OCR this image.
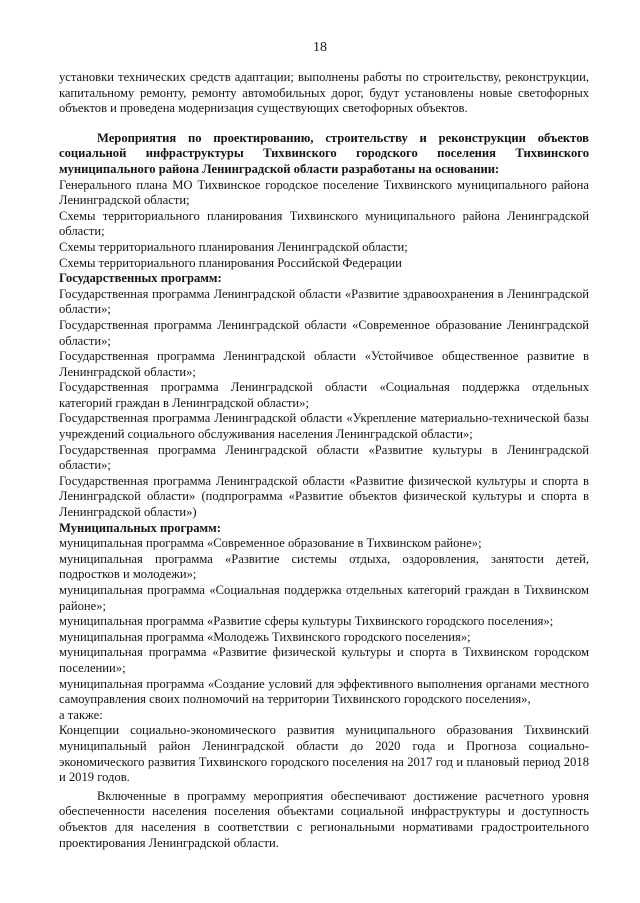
18

установки технических средств адаптации; выполнены работы по строительству, реконструкции, капитальному ремонту, ремонту автомобильных дорог, будут установлены новые светофорных объектов и проведена модернизация существующих светофорных объектов.

Мероприятия по проектированию, строительству и реконструкции объектов социальной инфраструктуры Тихвинского городского поселения Тихвинского муниципального района Ленинградской области разработаны на основании:

Генерального плана МО Тихвинское городское поселение Тихвинского муниципального района Ленинградской области;

Схемы территориального планирования Тихвинского муниципального района Ленинградской области;

Схемы территориального планирования Ленинградской области;

Схемы территориального планирования Российской Федерации

Государственных программ:

Государственная программа Ленинградской области «Развитие здравоохранения в Ленинградской области»;

Государственная программа Ленинградской области «Современное образование Ленинградской области»;

Государственная программа Ленинградской области «Устойчивое общественное развитие в Ленинградской области»;

Государственная программа Ленинградской области «Социальная поддержка отдельных категорий граждан в Ленинградской области»;

Государственная программа Ленинградской области «Укрепление материально-технической базы учреждений социального обслуживания населения Ленинградской области»;

Государственная программа Ленинградской области «Развитие культуры в Ленинградской области»;

Государственная программа Ленинградской области «Развитие физической культуры и спорта в Ленинградской области» (подпрограмма «Развитие объектов физической культуры и спорта в Ленинградской области»)

Муниципальных программ:

муниципальная программа «Современное образование в Тихвинском районе»;

муниципальная программа «Развитие системы отдыха, оздоровления, занятости детей, подростков и молодежи»;

муниципальная программа «Социальная поддержка отдельных категорий граждан в Тихвинском районе»;

муниципальная программа «Развитие сферы культуры Тихвинского городского поселения»;

муниципальная программа «Молодежь Тихвинского городского поселения»;

муниципальная программа «Развитие физической культуры и спорта в Тихвинском городском поселении»;

муниципальная программа «Создание условий для эффективного выполнения органами местного самоуправления своих полномочий на территории Тихвинского городского поселения»,

а также:

Концепции социально-экономического развития муниципального образования Тихвинский муниципальный район Ленинградской области до 2020 года и Прогноза социально-экономического развития Тихвинского городского поселения на 2017 год и плановый период 2018 и 2019 годов.

Включенные в программу мероприятия обеспечивают достижение расчетного уровня обеспеченности населения поселения объектами социальной инфраструктуры и доступность объектов для населения в соответствии с региональными нормативами градостроительного проектирования Ленинградской области.
